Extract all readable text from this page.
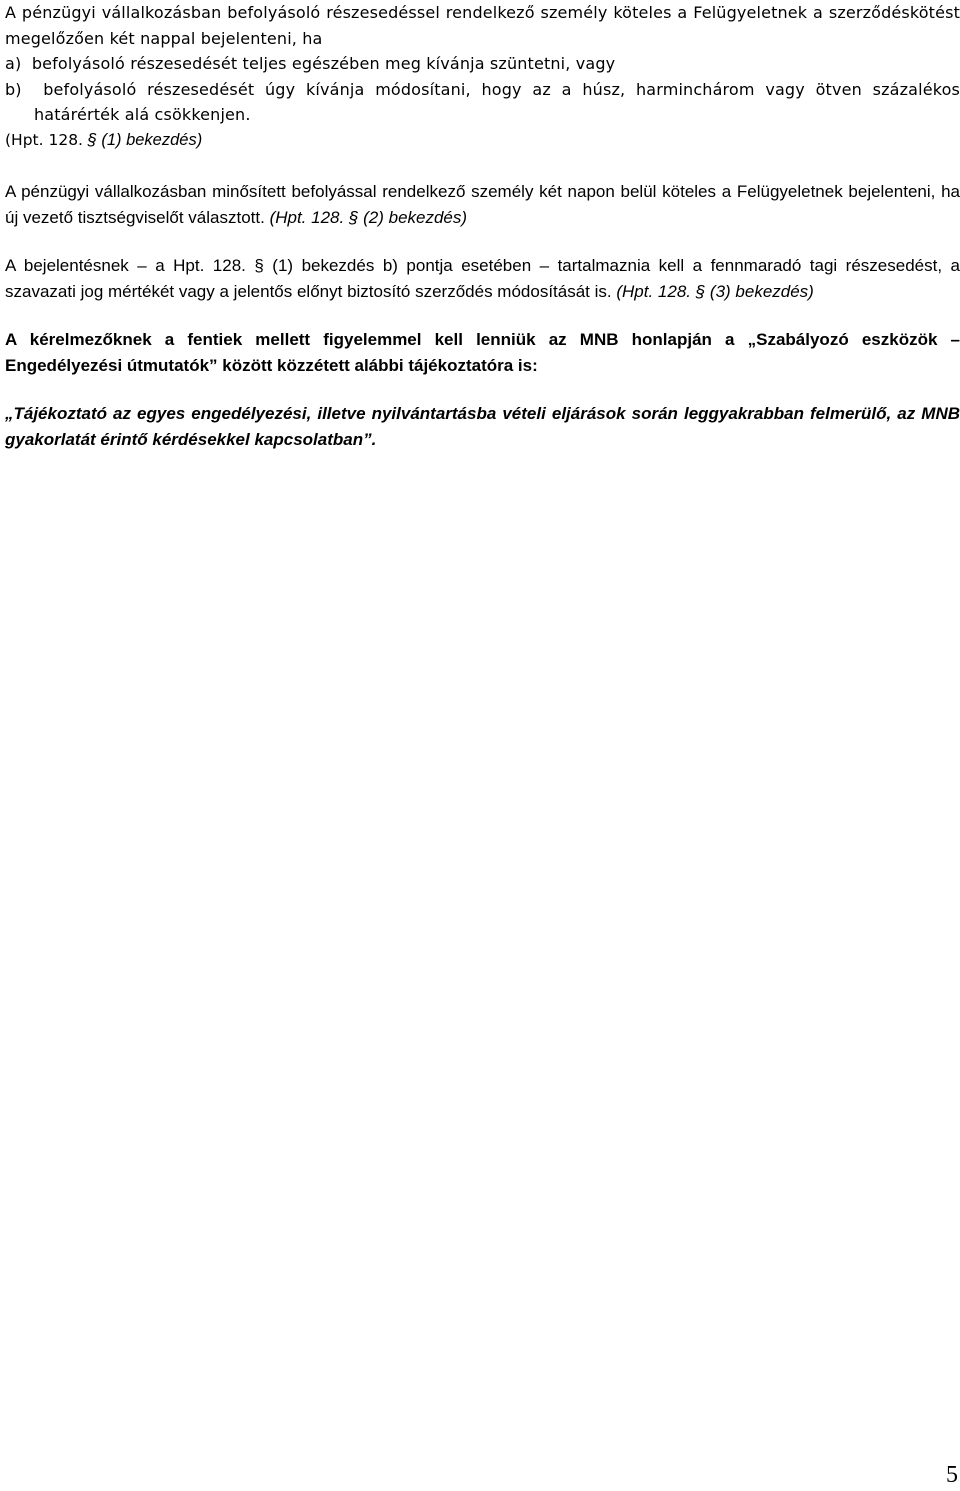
A pénzügyi vállalkozásban befolyásoló részesedéssel rendelkező személy köteles a Felügyeletnek a szerződéskötést megelőzően két nappal bejelenteni, ha

a)  befolyásoló részesedését teljes egészében meg kívánja szüntetni, vagy

b)  befolyásoló részesedését úgy kívánja módosítani, hogy az a húsz, harminchárom vagy ötven százalékos határérték alá csökkenjen.

(Hpt. 128. § (1) bekezdés)

A pénzügyi vállalkozásban minősített befolyással rendelkező személy két napon belül köteles a Felügyeletnek bejelenteni, ha új vezető tisztségviselőt választott. (Hpt. 128. § (2) bekezdés)

A bejelentésnek – a Hpt. 128. § (1) bekezdés b) pontja esetében – tartalmaznia kell a fennmaradó tagi részesedést, a szavazati jog mértékét vagy a jelentős előnyt biztosító szerződés módosítását is. (Hpt. 128. § (3) bekezdés)

A kérelmezőknek a fentiek mellett figyelemmel kell lenniük az MNB honlapján a „Szabályozó eszközök – Engedélyezési útmutatók” között közzétett alábbi tájékoztatóra is:

„Tájékoztató az egyes engedélyezési, illetve nyilvántartásba vételi eljárások során leggyakrabban felmerülő, az MNB gyakorlatát érintő kérdésekkel kapcsolatban”.

5
